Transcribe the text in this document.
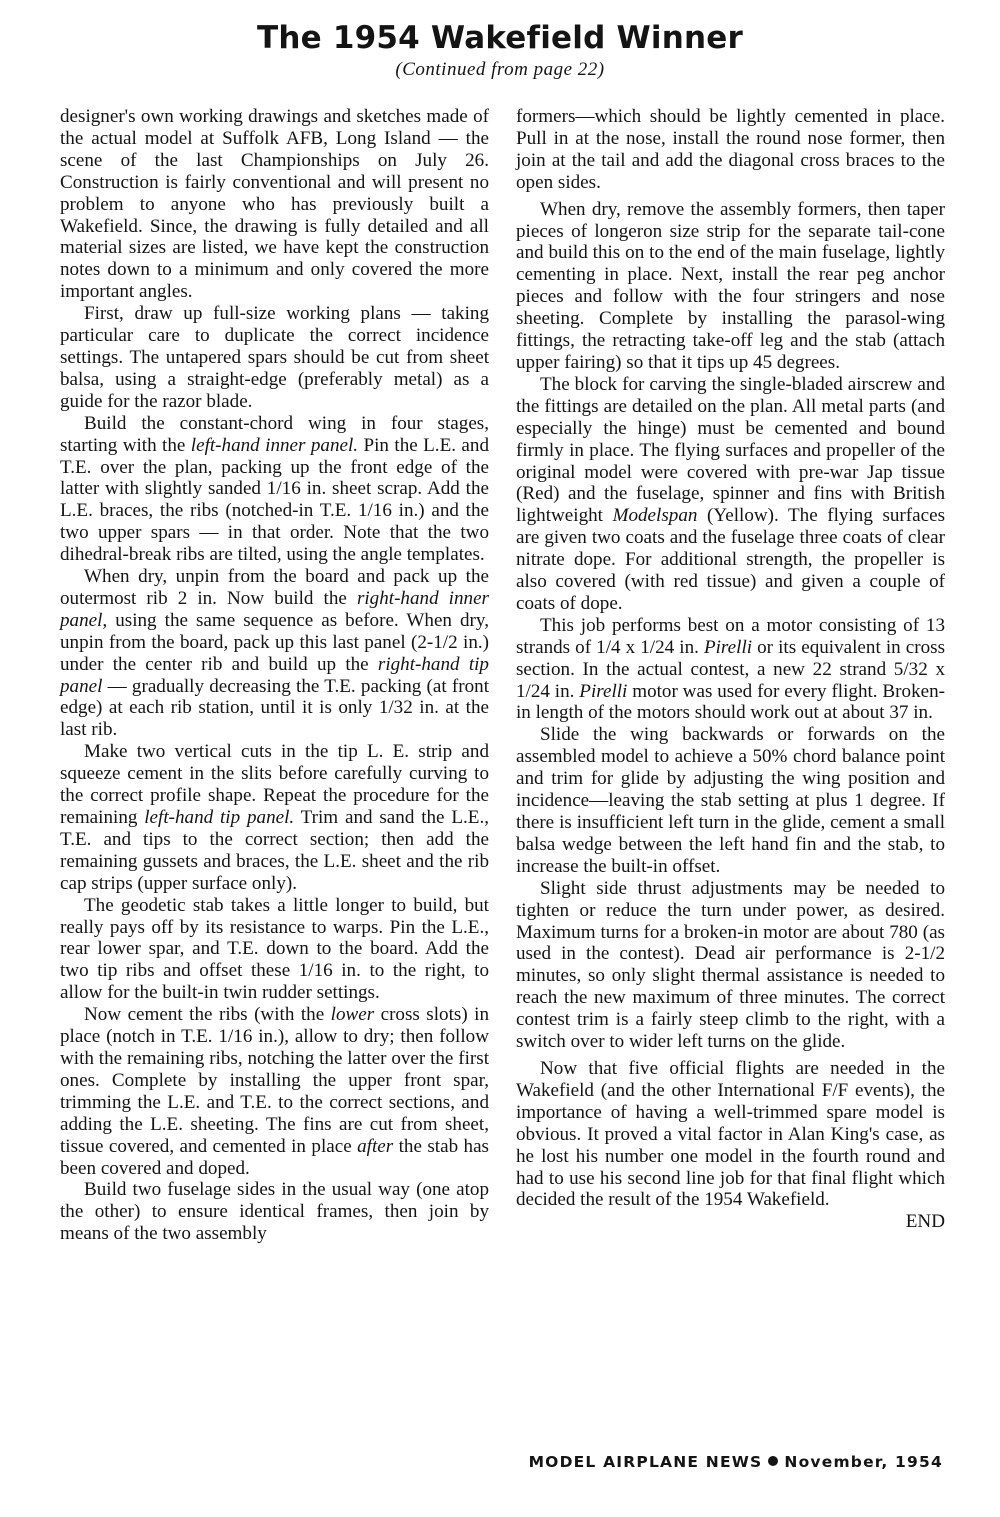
The 1954 Wakefield Winner
(Continued from page 22)

designer's own working drawings and sketches made of the actual model at Suffolk AFB, Long Island — the scene of the last Championships on July 26. Construction is fairly conventional and will present no problem to anyone who has previously built a Wakefield. Since, the drawing is fully detailed and all material sizes are listed, we have kept the construction notes down to a minimum and only covered the more important angles.

First, draw up full-size working plans — taking particular care to duplicate the correct incidence settings. The untapered spars should be cut from sheet balsa, using a straight-edge (preferably metal) as a guide for the razor blade.

Build the constant-chord wing in four stages, starting with the left-hand inner panel. Pin the L.E. and T.E. over the plan, packing up the front edge of the latter with slightly sanded 1/16 in. sheet scrap. Add the L.E. braces, the ribs (notched-in T.E. 1/16 in.) and the two upper spars — in that order. Note that the two dihedral-break ribs are tilted, using the angle templates.

When dry, unpin from the board and pack up the outermost rib 2 in. Now build the right-hand inner panel, using the same sequence as before. When dry, unpin from the board, pack up this last panel (2-1/2 in.) under the center rib and build up the right-hand tip panel — gradually decreasing the T.E. packing (at front edge) at each rib station, until it is only 1/32 in. at the last rib.

Make two vertical cuts in the tip L. E. strip and squeeze cement in the slits before carefully curving to the correct profile shape. Repeat the procedure for the remaining left-hand tip panel. Trim and sand the L.E., T.E. and tips to the correct section; then add the remaining gussets and braces, the L.E. sheet and the rib cap strips (upper surface only).

The geodetic stab takes a little longer to build, but really pays off by its resistance to warps. Pin the L.E., rear lower spar, and T.E. down to the board. Add the two tip ribs and offset these 1/16 in. to the right, to allow for the built-in twin rudder settings.

Now cement the ribs (with the lower cross slots) in place (notch in T.E. 1/16 in.), allow to dry; then follow with the remaining ribs, notching the latter over the first ones. Complete by installing the upper front spar, trimming the L.E. and T.E. to the correct sections, and adding the L.E. sheeting. The fins are cut from sheet, tissue covered, and cemented in place after the stab has been covered and doped.

Build two fuselage sides in the usual way (one atop the other) to ensure identical frames, then join by means of the two assembly

formers—which should be lightly cemented in place. Pull in at the nose, install the round nose former, then join at the tail and add the diagonal cross braces to the open sides.

When dry, remove the assembly formers, then taper pieces of longeron size strip for the separate tail-cone and build this on to the end of the main fuselage, lightly cementing in place. Next, install the rear peg anchor pieces and follow with the four stringers and nose sheeting. Complete by installing the parasol-wing fittings, the retracting take-off leg and the stab (attach upper fairing) so that it tips up 45 degrees.

The block for carving the single-bladed airscrew and the fittings are detailed on the plan. All metal parts (and especially the hinge) must be cemented and bound firmly in place. The flying surfaces and propeller of the original model were covered with pre-war Jap tissue (Red) and the fuselage, spinner and fins with British lightweight Modelspan (Yellow). The flying surfaces are given two coats and the fuselage three coats of clear nitrate dope. For additional strength, the propeller is also covered (with red tissue) and given a couple of coats of dope.

This job performs best on a motor consisting of 13 strands of 1/4 x 1/24 in. Pirelli or its equivalent in cross section. In the actual contest, a new 22 strand 5/32 x 1/24 in. Pirelli motor was used for every flight. Broken-in length of the motors should work out at about 37 in.

Slide the wing backwards or forwards on the assembled model to achieve a 50% chord balance point and trim for glide by adjusting the wing position and incidence—leaving the stab setting at plus 1 degree. If there is insufficient left turn in the glide, cement a small balsa wedge between the left hand fin and the stab, to increase the built-in offset.

Slight side thrust adjustments may be needed to tighten or reduce the turn under power, as desired. Maximum turns for a broken-in motor are about 780 (as used in the contest). Dead air performance is 2-1/2 minutes, so only slight thermal assistance is needed to reach the new maximum of three minutes. The correct contest trim is a fairly steep climb to the right, with a switch over to wider left turns on the glide.

Now that five official flights are needed in the Wakefield (and the other International F/F events), the importance of having a well-trimmed spare model is obvious. It proved a vital factor in Alan King's case, as he lost his number one model in the fourth round and had to use his second line job for that final flight which decided the result of the 1954 Wakefield.

END
MODEL AIRPLANE NEWS November, 1954
